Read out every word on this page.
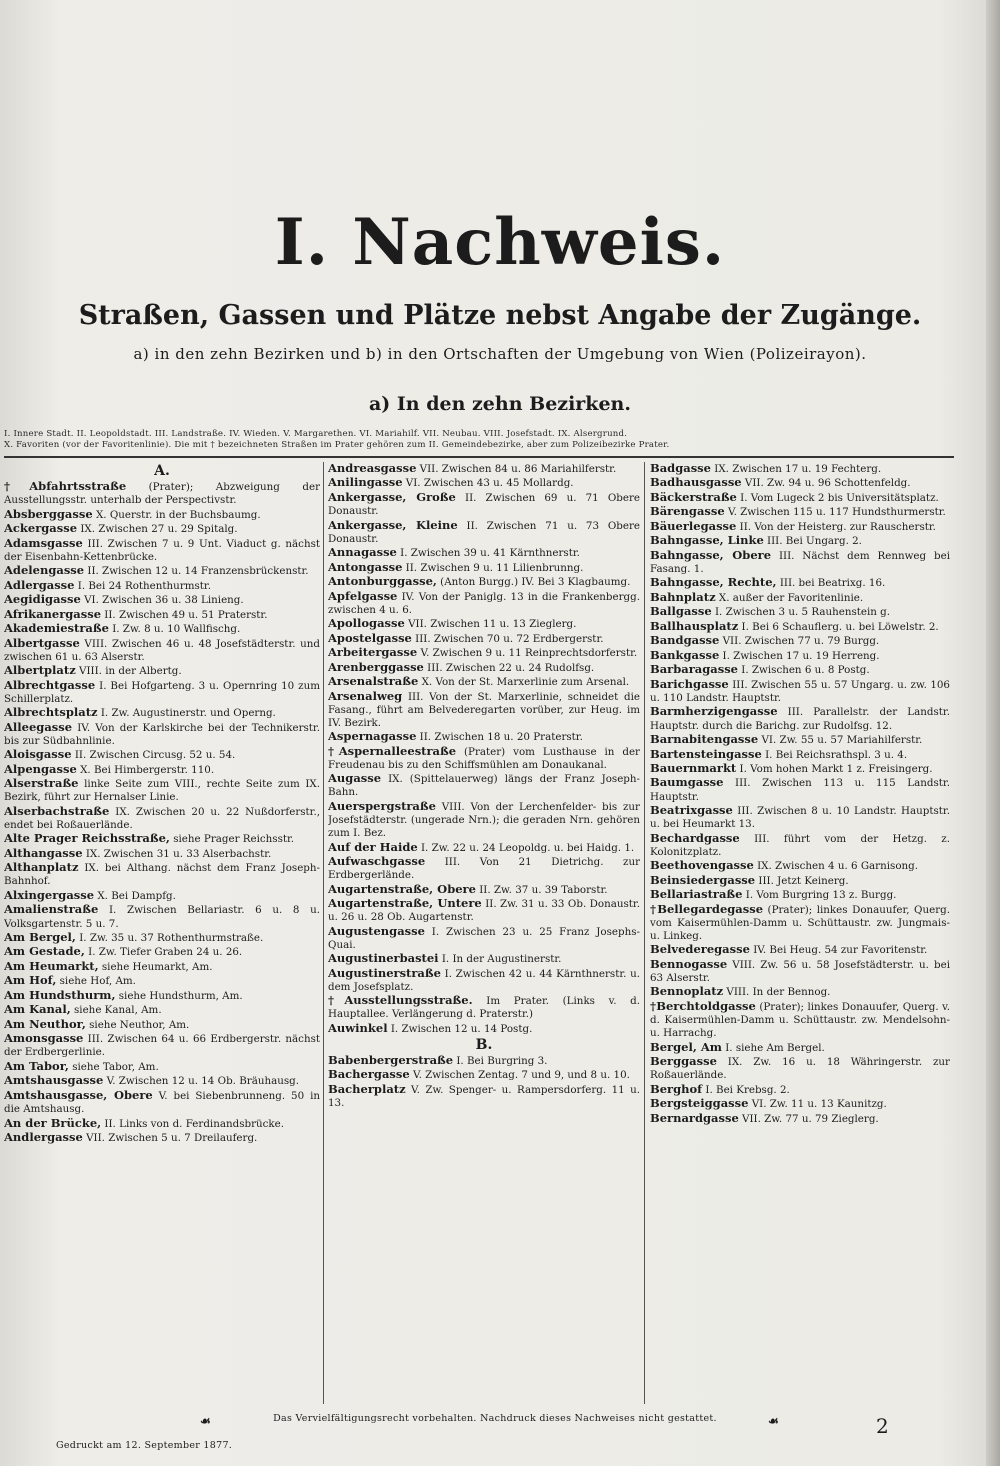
I. Nachweis.
Straßen, Gassen und Plätze nebst Angabe der Zugänge.
a) in den zehn Bezirken und b) in den Ortschaften der Umgebung von Wien (Polizeirayon).
a) In den zehn Bezirken.
I. Innere Stadt. II. Leopoldstadt. III. Landstraße. IV. Wieden. V. Margarethen. VI. Mariahilf. VII. Neubau. VIII. Josefstadt. IX. Alsergrund.
X. Favoriten (vor der Favoritenlinie). Die mit † bezeichneten Straßen im Prater gehören zum II. Gemeindebezirke, aber zum Polizeibezirke Prater.
A.
†Abfahrtsstraße (Prater); Abzweigung der Ausstellungsstr. unterhalb der Perspectivstr.
Absberggasse X. Querstr. in der Buchsbaumg.
Ackergasse IX. Zwischen 27 u. 29 Spitalg.
Adamsgasse III. Zwischen 7 u. 9 Unt. Viaduct g. nächst der Eisenbahn-Kettenbrücke.
Adelengasse II. Zwischen 12 u. 14 Franzensbrückenstr.
Adlergasse I. Bei 24 Rothenthurmstr.
Aegidigasse VI. Zwischen 36 u. 38 Linieng.
Afrikanergasse II. Zwischen 49 u. 51 Praterstr.
Akademiestraße I. Zw. 8 u. 10 Wallfischg.
Albertgasse VIII. Zwischen 46 u. 48 Josefstädterstr. und zwischen 61 u. 63 Alserstr.
Albertplatz VIII. in der Albertg.
Albrechtgasse I. Bei Hofgarteng. 3 u. Opernring 10 zum Schillerplatz.
Albrechtsplatz I. Zw. Augustinerstr. und Operng.
Alleegasse IV. Von der Karlskirche bei der Technikerstr. bis zur Südbahnlinie.
Aloisgasse II. Zwischen Circusg. 52 u. 54.
Alpengasse X. Bei Himbergerstr. 110.
Alserstraße linke Seite zum VIII., rechte Seite zum IX. Bezirk, führt zur Hernalser Linie.
Alserbachstraße IX. Zwischen 20 u. 22 Nußdorferstr., endet bei Roßauerlände.
Alte Prager Reichsstraße, siehe Prager Reichsstr.
Althangasse IX. Zwischen 31 u. 33 Alserbachstr.
Althanplatz IX. bei Althang. nächst dem Franz Joseph-Bahnhof.
Alxingergasse X. Bei Dampfg.
Amalienstraße I. Zwischen Bellariastr. 6 u. 8 u. Volksgartenstr. 5 u. 7.
Am Bergel, I. Zw. 35 u. 37 Rothenthurmstraße.
Am Gestade, I. Zw. Tiefer Graben 24 u. 26.
Am Heumarkt, siehe Heumarkt, Am.
Am Hof, siehe Hof, Am.
Am Hundsthurm, siehe Hundsthurm, Am.
Am Kanal, siehe Kanal, Am.
Am Neuthor, siehe Neuthor, Am.
Amonsgasse III. Zwischen 64 u. 66 Erdbergerstr. nächst der Erdbergerlinie.
Am Tabor, siehe Tabor, Am.
Amtshausgasse V. Zwischen 12 u. 14 Ob. Bräuhausg.
Amtshausgasse, Obere V. bei Siebenbrunneng. 50 in die Amtshausg.
An der Brücke, II. Links von d. Ferdinandsbrücke.
Andlergasse VII. Zwischen 5 u. 7 Dreilauferg.
Andreasgasse VII. Zwischen 84 u. 86 Mariahilferstr.
Anilingasse VI. Zwischen 43 u. 45 Mollardg.
Ankergasse, Große II. Zwischen 69 u. 71 Obere Donaustr.
Ankergasse, Kleine II. Zwischen 71 u. 73 Obere Donaustr.
Annagasse I. Zwischen 39 u. 41 Kärnthnerstr.
Antongasse II. Zwischen 9 u. 11 Lilienbrunng.
Antonburggasse, (Anton Burgg.) IV. Bei 3 Klagbaumg.
Apfelgasse IV. Von der Paniglg. 13 in die Frankenbergg. zwischen 4 u. 6.
Apollogasse VII. Zwischen 11 u. 13 Zieglerg.
Apostelgasse III. Zwischen 70 u. 72 Erdbergerstr.
Arbeitergasse V. Zwischen 9 u. 11 Reinprechtsdorferstr.
Arenberggasse III. Zwischen 22 u. 24 Rudolfsg.
Arsenalstraße X. Von der St. Marxerlinie zum Arsenal.
Arsenalweg III. Von der St. Marxerlinie, schneidet die Fasang., führt am Belvederegarten vorüber, zur Heug. im IV. Bezirk.
Aspernagasse II. Zwischen 18 u. 20 Praterstr.
†Aspernalleestraße (Prater) vom Lusthause in der Freudenau bis zu den Schiffsmühlen am Donaukanal.
Augasse IX. (Spittelauerweg) längs der Franz Joseph-Bahn.
Auerspergstraße VIII. Von der Lerchenfelder- bis zur Josefstädterstr. (ungerade Nrn.); die geraden Nrn. gehören zum I. Bez.
Auf der Haide I. Zw. 22 u. 24 Leopoldg. u. bei Haidg. 1.
Aufwaschgasse III. Von 21 Dietrichg. zur Erdbergerlände.
Augartenstraße, Obere II. Zw. 37 u. 39 Taborstr.
Augartenstraße, Untere II. Zw. 31 u. 33 Ob. Donaustr. u. 26 u. 28 Ob. Augartenstr.
Augustengasse I. Zwischen 23 u. 25 Franz Josephs-Quai.
Augustinerbastei I. In der Augustinerstr.
Augustinerstraße I. Zwischen 42 u. 44 Kärnthnerstr. u. dem Josefsplatz.
†Ausstellungsstraße. Im Prater. (Links v. d. Hauptallee. Verlängerung d. Praterstr.)
Auwinkel I. Zwischen 12 u. 14 Postg.
B.
Babenbergerstraße I. Bei Burgring 3.
Bachergasse V. Zwischen Zentag. 7 und 9, und 8 u. 10.
Bacherplatz V. Zw. Spenger- u. Rampersdorferg. 11 u. 13.
Badgasse IX. Zwischen 17 u. 19 Fechterg.
Badhausgasse VII. Zw. 94 u. 96 Schottenfeldg.
Bäckerstraße I. Vom Lugeck 2 bis Universitätsplatz.
Bärengasse V. Zwischen 115 u. 117 Hundsthurmerstr.
Bäuerlegasse II. Von der Heisterg. zur Rauscherstr.
Bahngasse, Linke III. Bei Ungarg. 2.
Bahngasse, Obere III. Nächst dem Rennweg bei Fasang. 1.
Bahngasse, Rechte, III. bei Beatrixg. 16.
Bahnplatz X. außer der Favoritenlinie.
Ballgasse I. Zwischen 3 u. 5 Rauhenstein g.
Ballhausplatz I. Bei 6 Schauflerg. u. bei Löwelstr. 2.
Bandgasse VII. Zwischen 77 u. 79 Burgg.
Bankgasse I. Zwischen 17 u. 19 Herreng.
Barbaragasse I. Zwischen 6 u. 8 Postg.
Barichgasse III. Zwischen 55 u. 57 Ungarg. u. zw. 106 u. 110 Landstr. Hauptstr.
Barmherzigengasse III. Parallelstr. der Landstr. Hauptstr. durch die Barichg. zur Rudolfsg. 12.
Barnabitengasse VI. Zw. 55 u. 57 Mariahilferstr.
Bartensteingasse I. Bei Reichsrathspl. 3 u. 4.
Bauernmarkt I. Vom hohen Markt 1 z. Freisingerg.
Baumgasse III. Zwischen 113 u. 115 Landstr. Hauptstr.
Beatrixgasse III. Zwischen 8 u. 10 Landstr. Hauptstr. u. bei Heumarkt 13.
Bechardgasse III. führt vom der Hetzg. z. Kolonitzplatz.
Beethovengasse IX. Zwischen 4 u. 6 Garnisong.
Beinsiedergasse III. Jetzt Keinerg.
Bellariastraße I. Vom Burgring 13 z. Burgg.
†Bellegardegasse (Prater); linkes Donauufer, Querg. vom Kaisermühlen-Damm u. Schüttaustr. zw. Jungmais- u. Linkeg.
Belvederegasse IV. Bei Heug. 54 zur Favoritenstr.
Bennogasse VIII. Zw. 56 u. 58 Josefstädterstr. u. bei 63 Alserstr.
Bennoplatz VIII. In der Bennog.
†Berchtoldgasse (Prater); linkes Donauufer, Querg. v. d. Kaisermühlen-Damm u. Schüttaustr. zw. Mendelsohn- u. Harrachg.
Bergel, Am I. siehe Am Bergel.
Berggasse IX. Zw. 16 u. 18 Währingerstr. zur Roßauerlände.
Berghof I. Bei Krebsg. 2.
Bergsteiggasse VI. Zw. 11 u. 13 Kaunitzg.
Bernardgasse VII. Zw. 77 u. 79 Zieglerg.
☙	Das Vervielfältigungsrecht vorbehalten. Nachdruck dieses Nachweises nicht gestattet.	☙	2
Gedruckt am 12. September 1877.
